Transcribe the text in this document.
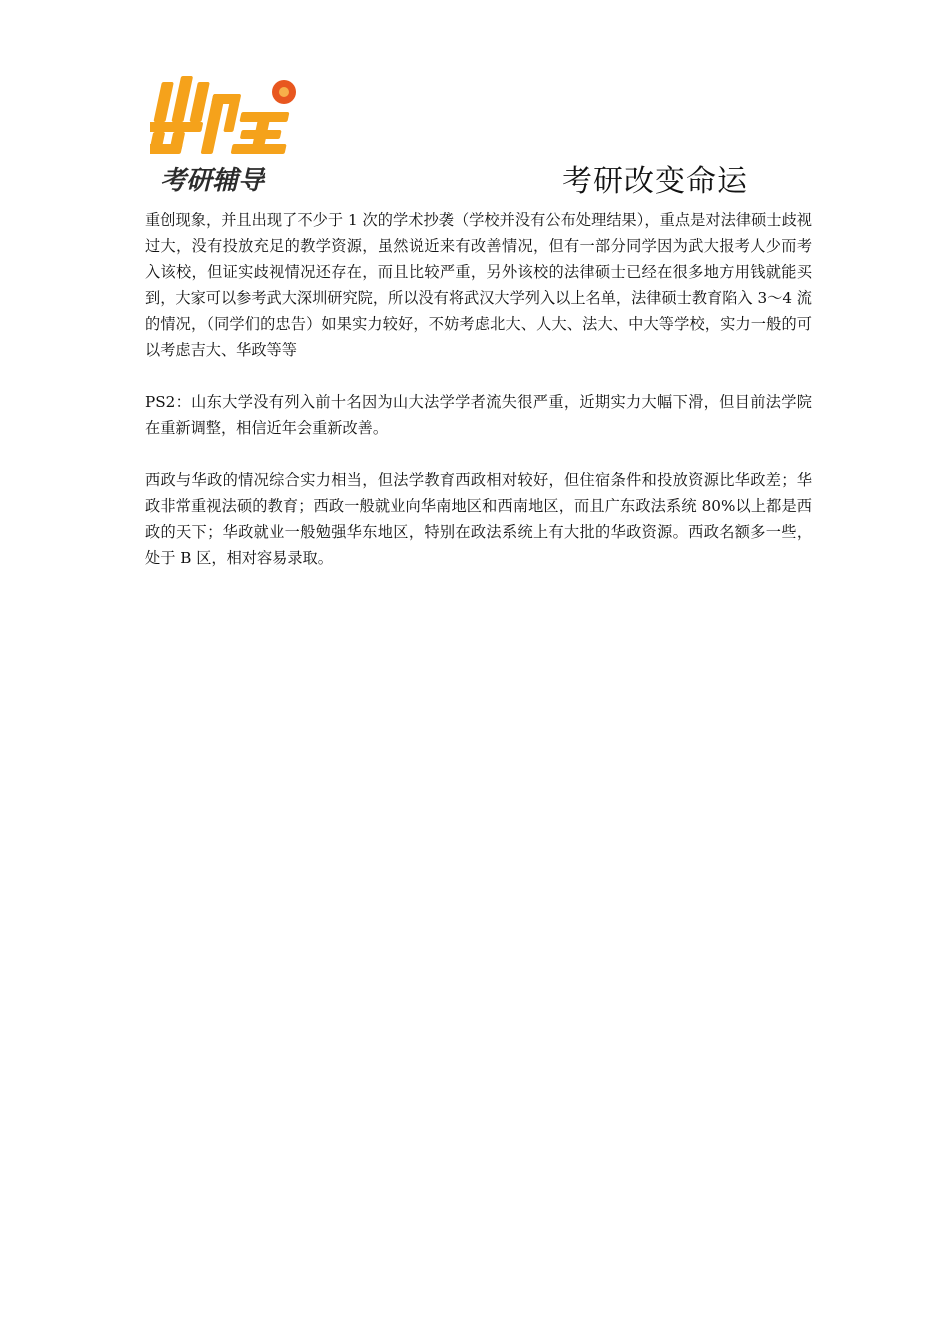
考研辅导	考研改变命运

重创现象，并且出现了不少于 1 次的学术抄袭（学校并没有公布处理结果），重点是对法律硕士歧视过大，没有投放充足的教学资源，虽然说近来有改善情况，但有一部分同学因为武大报考人少而考入该校，但证实歧视情况还存在，而且比较严重，另外该校的法律硕士已经在很多地方用钱就能买到，大家可以参考武大深圳研究院，所以没有将武汉大学列入以上名单，法律硕士教育陷入 3～4 流的情况，（同学们的忠告）如果实力较好，不妨考虑北大、人大、法大、中大等学校，实力一般的可以考虑吉大、华政等等

PS2：山东大学没有列入前十名因为山大法学学者流失很严重，近期实力大幅下滑，但目前法学院在重新调整，相信近年会重新改善。

西政与华政的情况综合实力相当，但法学教育西政相对较好，但住宿条件和投放资源比华政差；华政非常重视法硕的教育；西政一般就业向华南地区和西南地区，而且广东政法系统 80%以上都是西政的天下；华政就业一般勉强华东地区，特别在政法系统上有大批的华政资源。西政名额多一些，处于 B 区，相对容易录取。
